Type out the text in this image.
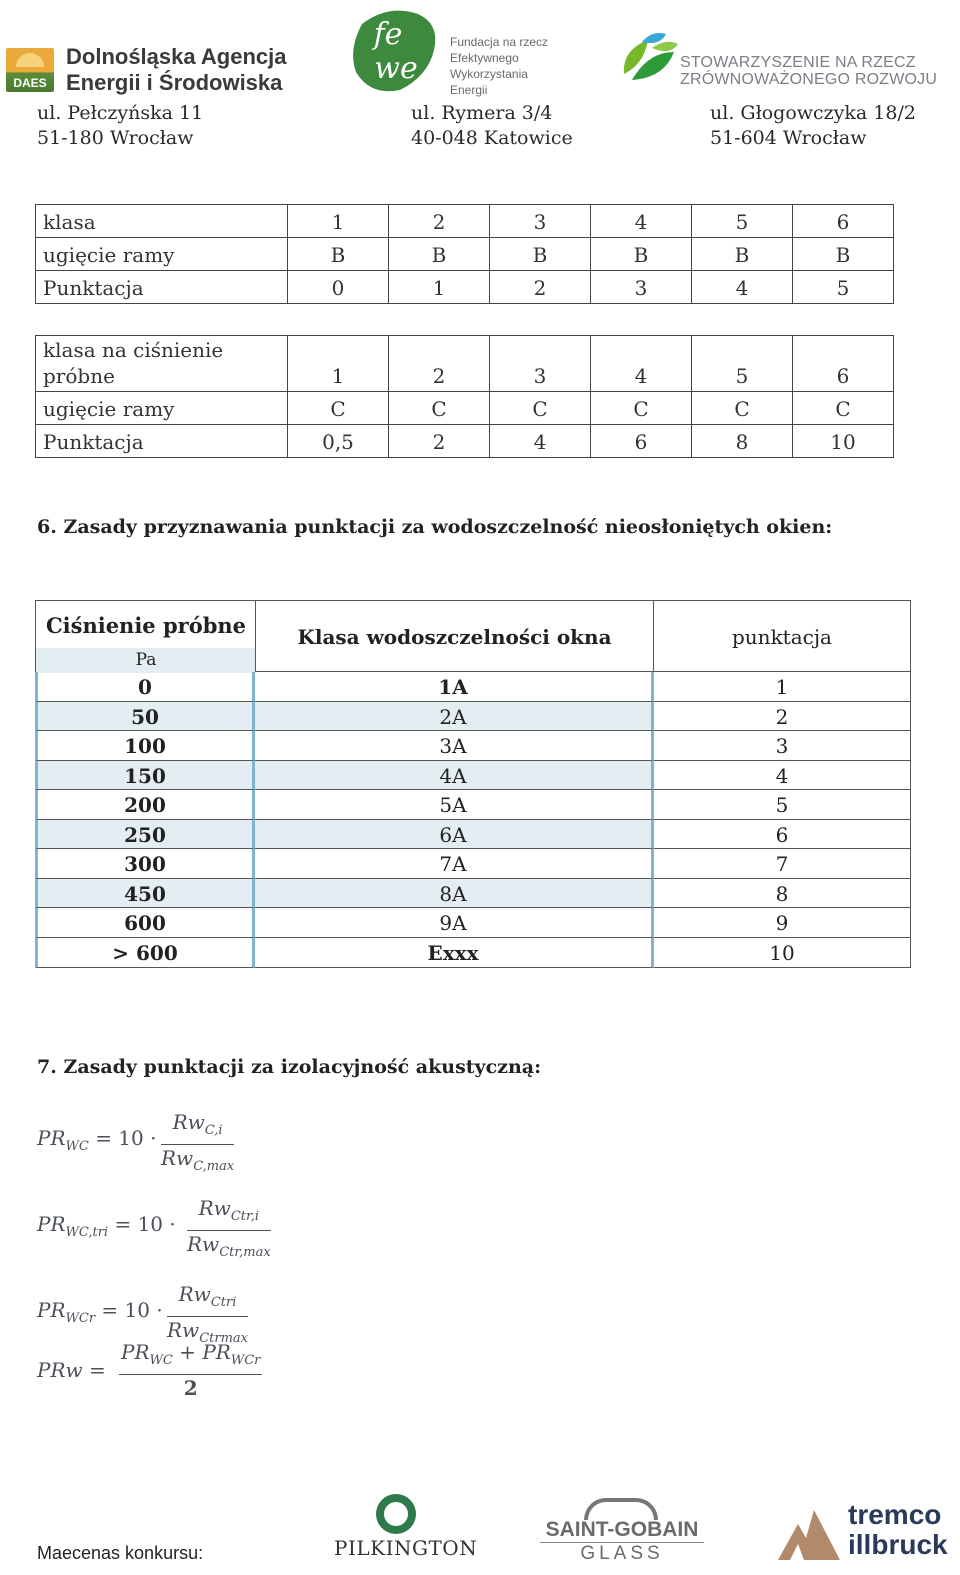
DAES
Dolnośląska Agencja
Energii i Środowiska
fe
we
Fundacja na rzecz
Efektywnego
Wykorzystania
Energii
STOWARZYSZENIE NA RZECZ
ZRÓWNOWAŻONEGO ROZWOJU
ul. Pełczyńska 11
51-180 Wrocław
ul. Rymera 3/4
40-048 Katowice
ul. Głogowczyka 18/2
51-604 Wrocław
klasa	1	2	3	4	5	6
ugięcie ramy	B	B	B	B	B	B
Punktacja	0	1	2	3	4	5
klasa na ciśnienie
próbne	1	2	3	4	5	6
ugięcie ramy	C	C	C	C	C	C
Punktacja	0,5	2	4	6	8	10
6. Zasady przyznawania punktacji za wodoszczelność nieosłoniętych okien:
Ciśnienie próbne
Pa
Klasa wodoszczelności okna	punktacja
0	1A	1
50	2A	2
100	3A	3
150	4A	4
200	5A	5
250	6A	6
300	7A	7
450	8A	8
600	9A	9
> 600	Exxx	10
7. Zasady punktacji za izolacyjność akustyczną:
$PR_{WC} = 10$ ·
$Rw_{C,i}$
$Rw_{C,max}$
$PR_{WC,tri} = 10$ ·
$Rw_{Ctr,i}$
$Rw_{Ctr,max}$
$PR_{WCr} = 10$ ·
$Rw_{Ctri}$
$Rw_{Ctrmax}$
PRw =
$PR_{WC} + PR_{WCr}$
2
Maecenas konkursu:	PILKINGTON
SAINT-GOBAIN
GLASS
tremco
illbruck
